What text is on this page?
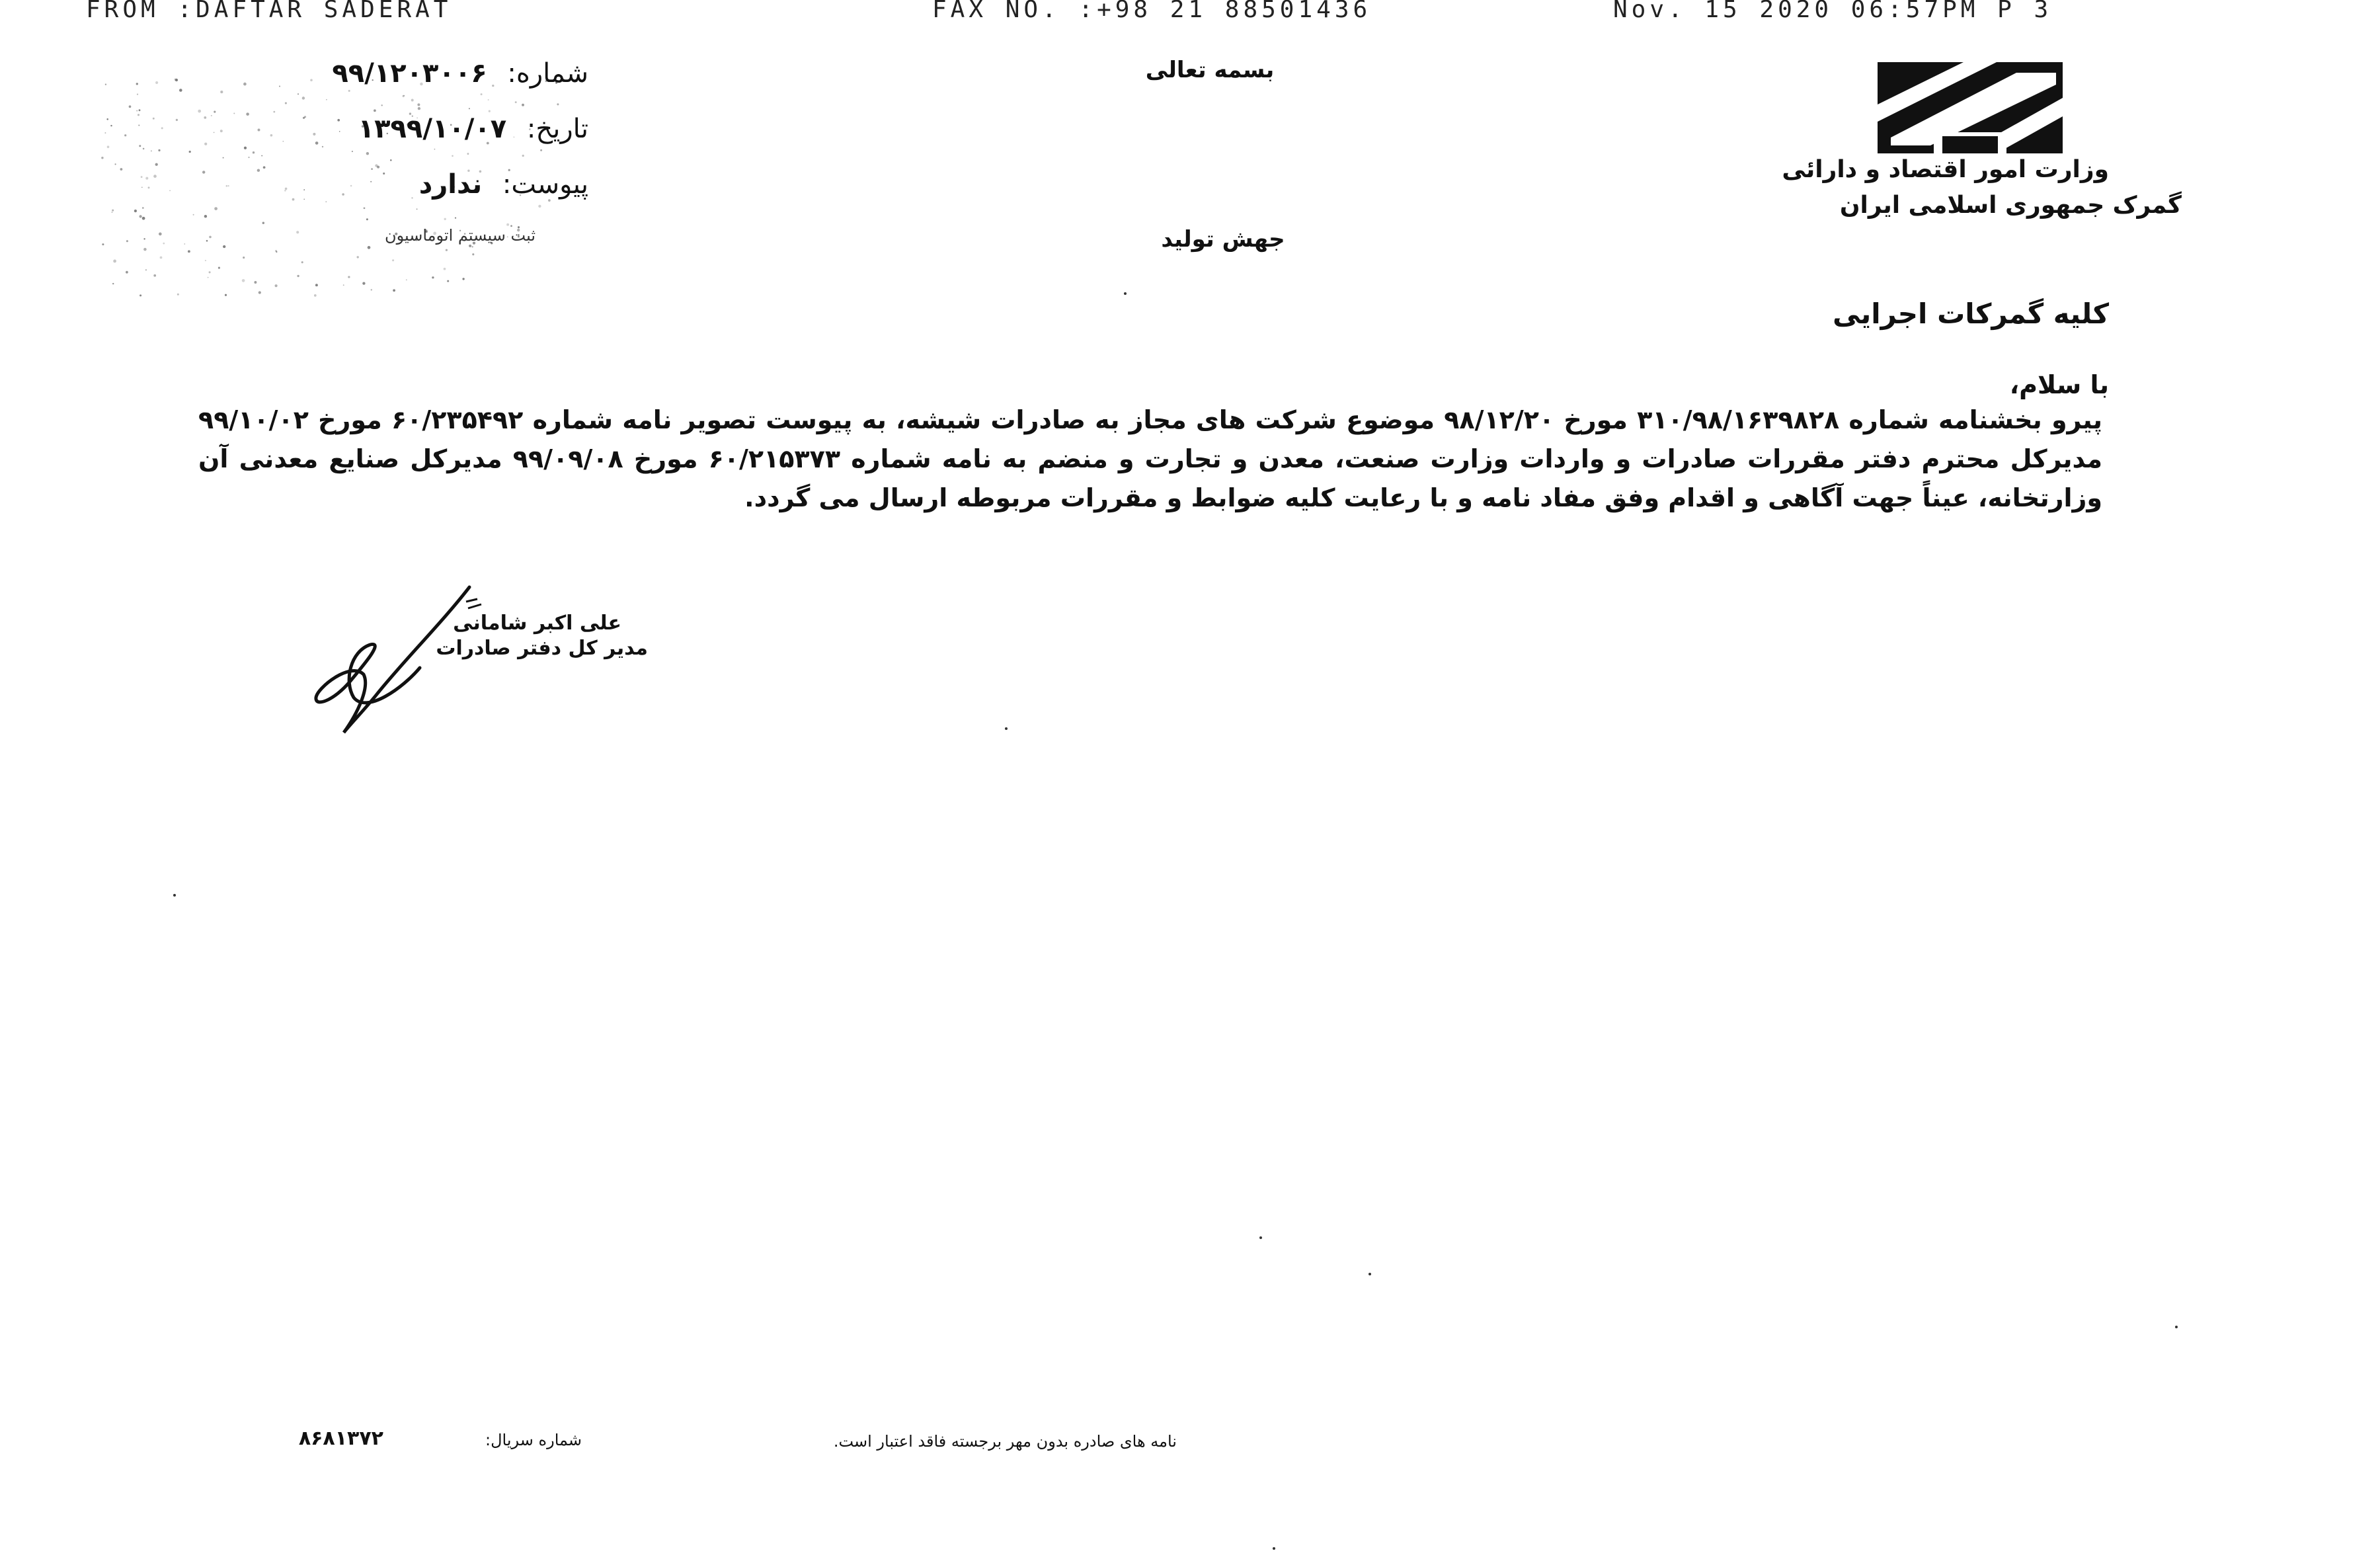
FROM :DAFTAR SADERAT	FAX NO. :+98 21 88501436	Nov. 15 2020 06:57PM P 3
شماره: ۹۹/۱۲۰۳۰۰۶
تاریخ: ۱۳۹۹/۱۰/۰۷
پیوست: ندارد
ثبت سیستم اتوماسیون
بسمه تعالی
جهش تولید
وزارت امور اقتصاد و دارائی
گمرک جمهوری اسلامی ایران
کلیه گمرکات اجرایی
با سلام،
پیرو بخشنامه شماره ۳۱۰/۹۸/۱۶۳۹۸۲۸ مورخ ۹۸/۱۲/۲۰ موضوع شرکت های مجاز به صادرات شیشه، به پیوست تصویر نامه شماره ۶۰/۲۳۵۴۹۲ مورخ ۹۹/۱۰/۰۲ مدیرکل محترم دفتر مقررات صادرات و واردات وزارت صنعت، معدن و تجارت و منضم به نامه شماره ۶۰/۲۱۵۳۷۳ مورخ ۹۹/۰۹/۰۸ مدیرکل صنایع معدنی آن وزارتخانه، عیناً جهت آگاهی و اقدام وفق مفاد نامه و با رعایت کلیه ضوابط و مقررات مربوطه ارسال می گردد.
علی اکبر شامانی
مدیر کل دفتر صادرات
۸۶۸۱۳۷۲	شماره سریال:	نامه های صادره بدون مهر برجسته فاقد اعتبار است.
